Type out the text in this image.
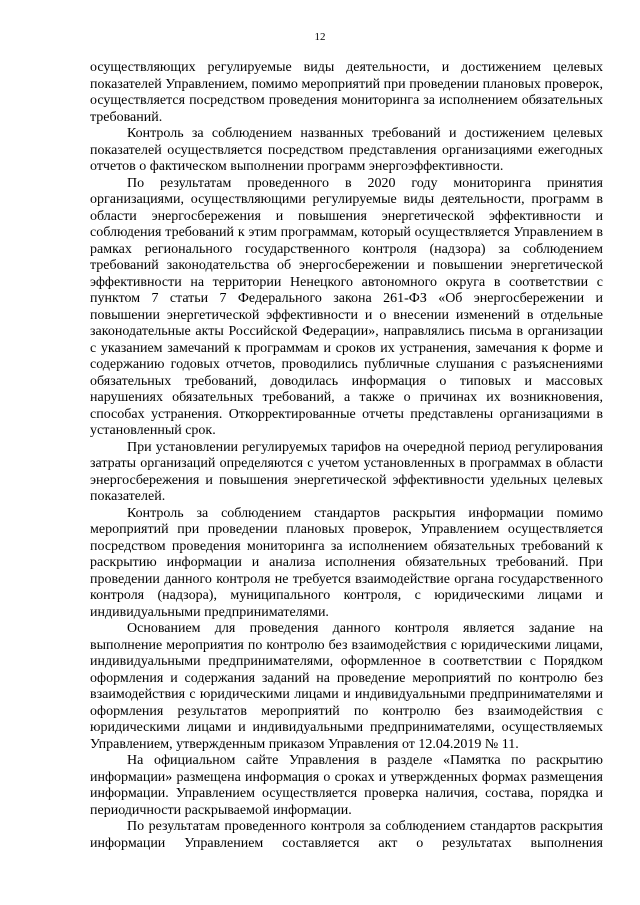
12

осуществляющих регулируемые виды деятельности, и достижением целевых показателей Управлением, помимо мероприятий при проведении плановых проверок, осуществляется посредством проведения мониторинга за исполнением обязательных требований.

Контроль за соблюдением названных требований и достижением целевых показателей осуществляется посредством представления организациями ежегодных отчетов о фактическом выполнении программ энергоэффективности.

По результатам проведенного в 2020 году мониторинга принятия организациями, осуществляющими регулируемые виды деятельности, программ в области энергосбережения и повышения энергетической эффективности и соблюдения требований к этим программам, который осуществляется Управлением в рамках регионального государственного контроля (надзора) за соблюдением требований законодательства об энергосбережении и повышении энергетической эффективности на территории Ненецкого автономного округа в соответствии с пунктом 7 статьи 7 Федерального закона 261-ФЗ «Об энергосбережении и повышении энергетической эффективности и о внесении изменений в отдельные законодательные акты Российской Федерации», направлялись письма в организации с указанием замечаний к программам и сроков их устранения, замечания к форме и содержанию годовых отчетов, проводились публичные слушания с разъяснениями обязательных требований, доводилась информация о типовых и массовых нарушениях обязательных требований, а также о причинах их возникновения, способах устранения. Откорректированные отчеты представлены организациями в установленный срок.

При установлении регулируемых тарифов на очередной период регулирования затраты организаций определяются с учетом установленных в программах в области энергосбережения и повышения энергетической эффективности удельных целевых показателей.

Контроль за соблюдением стандартов раскрытия информации помимо мероприятий при проведении плановых проверок, Управлением осуществляется посредством проведения мониторинга за исполнением обязательных требований к раскрытию информации и анализа исполнения обязательных требований. При проведении данного контроля не требуется взаимодействие органа государственного контроля (надзора), муниципального контроля, с юридическими лицами и индивидуальными предпринимателями.

Основанием для проведения данного контроля является задание на выполнение мероприятия по контролю без взаимодействия с юридическими лицами, индивидуальными предпринимателями, оформленное в соответствии с Порядком оформления и содержания заданий на проведение мероприятий по контролю без взаимодействия с юридическими лицами и индивидуальными предпринимателями и оформления результатов мероприятий по контролю без взаимодействия с юридическими лицами и индивидуальными предпринимателями, осуществляемых Управлением, утвержденным приказом Управления от 12.04.2019 № 11.

На официальном сайте Управления в разделе «Памятка по раскрытию информации» размещена информация о сроках и утвержденных формах размещения информации. Управлением осуществляется проверка наличия, состава, порядка и периодичности раскрываемой информации.

По результатам проведенного контроля за соблюдением стандартов раскрытия информации Управлением составляется акт о результатах выполнения
